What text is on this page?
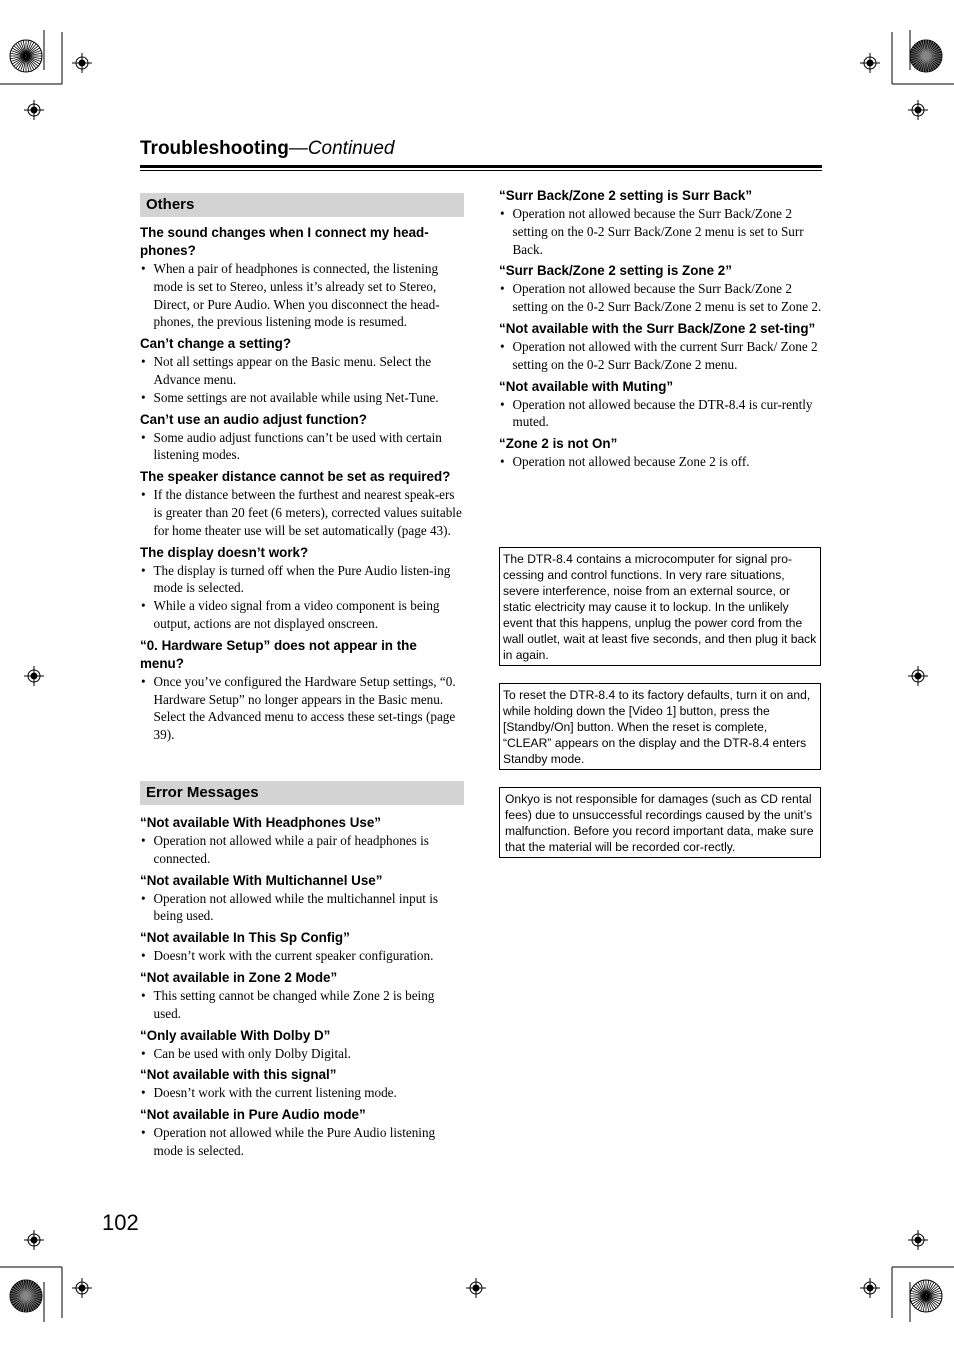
Troubleshooting—Continued
Others

The sound changes when I connect my head-phones?

• When a pair of headphones is connected, the listening mode is set to Stereo, unless it’s already set to Stereo, Direct, or Pure Audio. When you disconnect the head-phones, the previous listening mode is resumed.

Can’t change a setting?

• Not all settings appear on the Basic menu. Select the Advance menu.
• Some settings are not available while using Net-Tune.

Can’t use an audio adjust function?

• Some audio adjust functions can’t be used with certain listening modes.

The speaker distance cannot be set as required?

• If the distance between the furthest and nearest speak-ers is greater than 20 feet (6 meters), corrected values suitable for home theater use will be set automatically (page 43).

The display doesn’t work?

• The display is turned off when the Pure Audio listen-ing mode is selected.
• While a video signal from a video component is being output, actions are not displayed onscreen.

“0. Hardware Setup” does not appear in the menu?

• Once you’ve configured the Hardware Setup settings, “0. Hardware Setup” no longer appears in the Basic menu. Select the Advanced menu to access these set-tings (page 39).
Error Messages

“Not available With Headphones Use”

• Operation not allowed while a pair of headphones is connected.

“Not available With Multichannel Use”

• Operation not allowed while the multichannel input is being used.

“Not available In This Sp Config”

• Doesn’t work with the current speaker configuration.

“Not available in Zone 2 Mode”

• This setting cannot be changed while Zone 2 is being used.

“Only available With Dolby D”

• Can be used with only Dolby Digital.

“Not available with this signal”

• Doesn’t work with the current listening mode.

“Not available in Pure Audio mode”

• Operation not allowed while the Pure Audio listening mode is selected.

“Surr Back/Zone 2 setting is Surr Back”

• Operation not allowed because the Surr Back/Zone 2 setting on the 0-2 Surr Back/Zone 2 menu is set to Surr Back.

“Surr Back/Zone 2 setting is Zone 2”

• Operation not allowed because the Surr Back/Zone 2 setting on the 0-2 Surr Back/Zone 2 menu is set to Zone 2.

“Not available with the Surr Back/Zone 2 set-ting”

• Operation not allowed with the current Surr Back/ Zone 2 setting on the 0-2 Surr Back/Zone 2 menu.

“Not available with Muting”

• Operation not allowed because the DTR-8.4 is cur-rently muted.

“Zone 2 is not On”

• Operation not allowed because Zone 2 is off.
The DTR-8.4 contains a microcomputer for signal pro-cessing and control functions. In very rare situations, severe interference, noise from an external source, or static electricity may cause it to lockup. In the unlikely event that this happens, unplug the power cord from the wall outlet, wait at least five seconds, and then plug it back in again.
To reset the DTR-8.4 to its factory defaults, turn it on and, while holding down the [Video 1] button, press the [Standby/On] button. When the reset is complete, “CLEAR” appears on the display and the DTR-8.4 enters Standby mode.
Onkyo is not responsible for damages (such as CD rental fees) due to unsuccessful recordings caused by the unit’s malfunction. Before you record important data, make sure that the material will be recorded cor-rectly.
102
